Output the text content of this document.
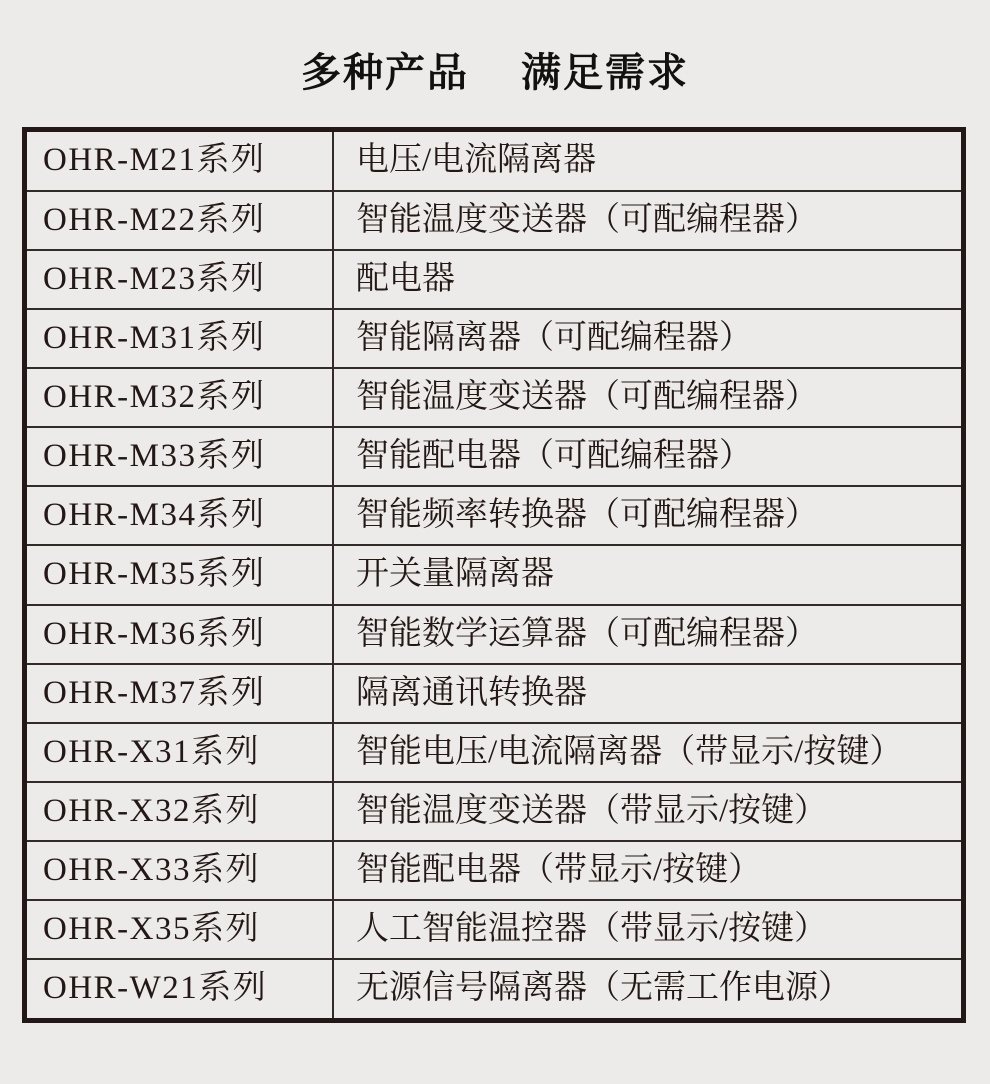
多种产品 满足需求
OHR-M21系列	电压/电流隔离器
OHR-M22系列	智能温度变送器（可配编程器）
OHR-M23系列	配电器
OHR-M31系列	智能隔离器（可配编程器）
OHR-M32系列	智能温度变送器（可配编程器）
OHR-M33系列	智能配电器（可配编程器）
OHR-M34系列	智能频率转换器（可配编程器）
OHR-M35系列	开关量隔离器
OHR-M36系列	智能数学运算器（可配编程器）
OHR-M37系列	隔离通讯转换器
OHR-X31系列	智能电压/电流隔离器（带显示/按键）
OHR-X32系列	智能温度变送器（带显示/按键）
OHR-X33系列	智能配电器（带显示/按键）
OHR-X35系列	人工智能温控器（带显示/按键）
OHR-W21系列	无源信号隔离器（无需工作电源）
